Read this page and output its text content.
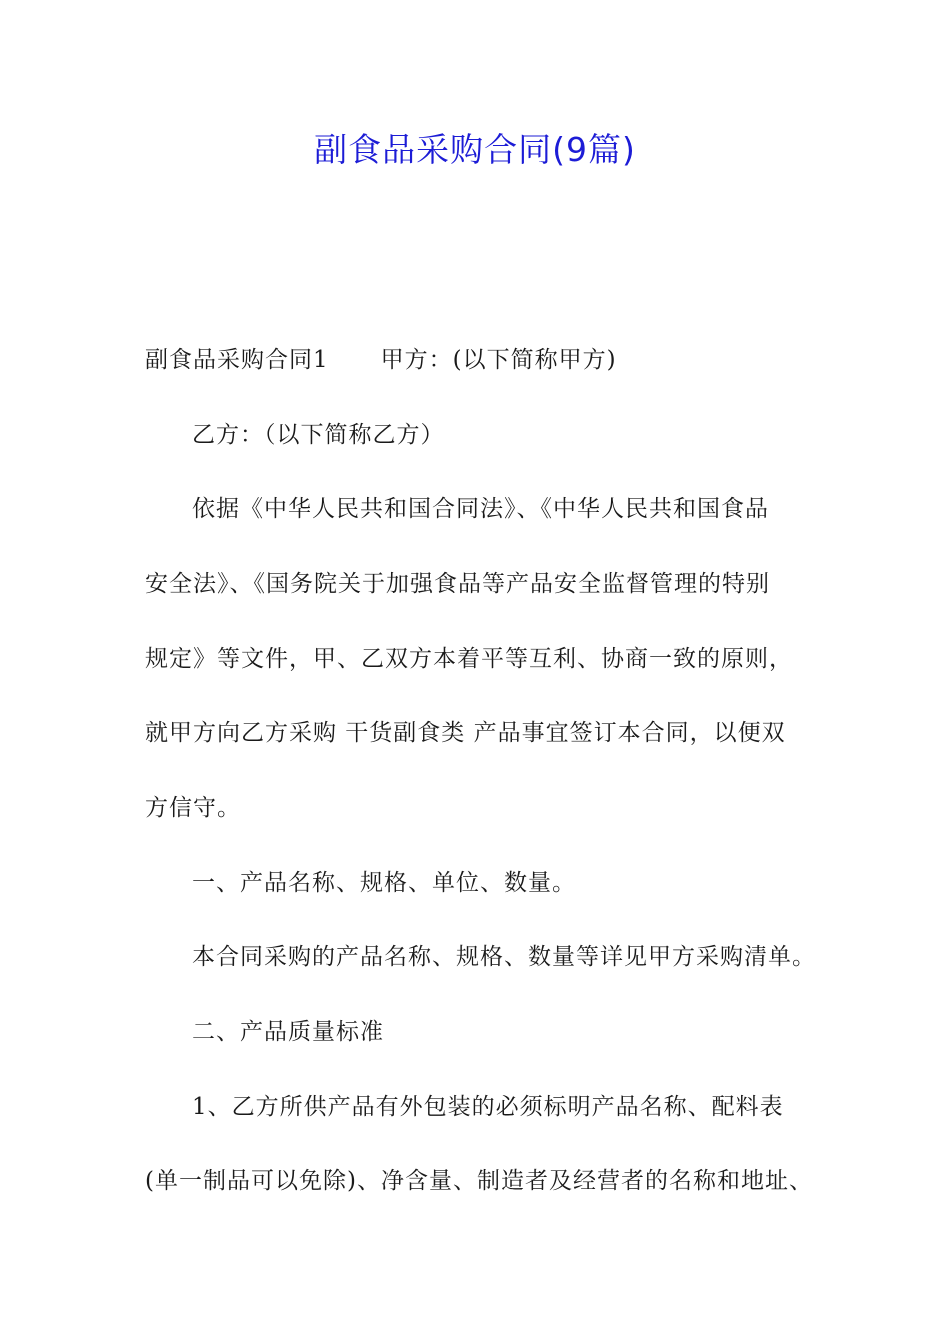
副食品采购合同(9篇)
副食品采购合同1 甲方：(以下简称甲方)
乙方：（以下简称乙方）
依据《中华人民共和国合同法》、《中华人民共和国食品
安全法》、《国务院关于加强食品等产品安全监督管理的特别
规定》等文件，甲、乙双方本着平等互利、协商一致的原则，
就甲方向乙方采购 干货副食类 产品事宜签订本合同，以便双
方信守。
一、产品名称、规格、单位、数量。
本合同采购的产品名称、规格、数量等详见甲方采购清单。
二、产品质量标准
1、乙方所供产品有外包装的必须标明产品名称、配料表
(单一制品可以免除)、净含量、制造者及经营者的名称和地址、
